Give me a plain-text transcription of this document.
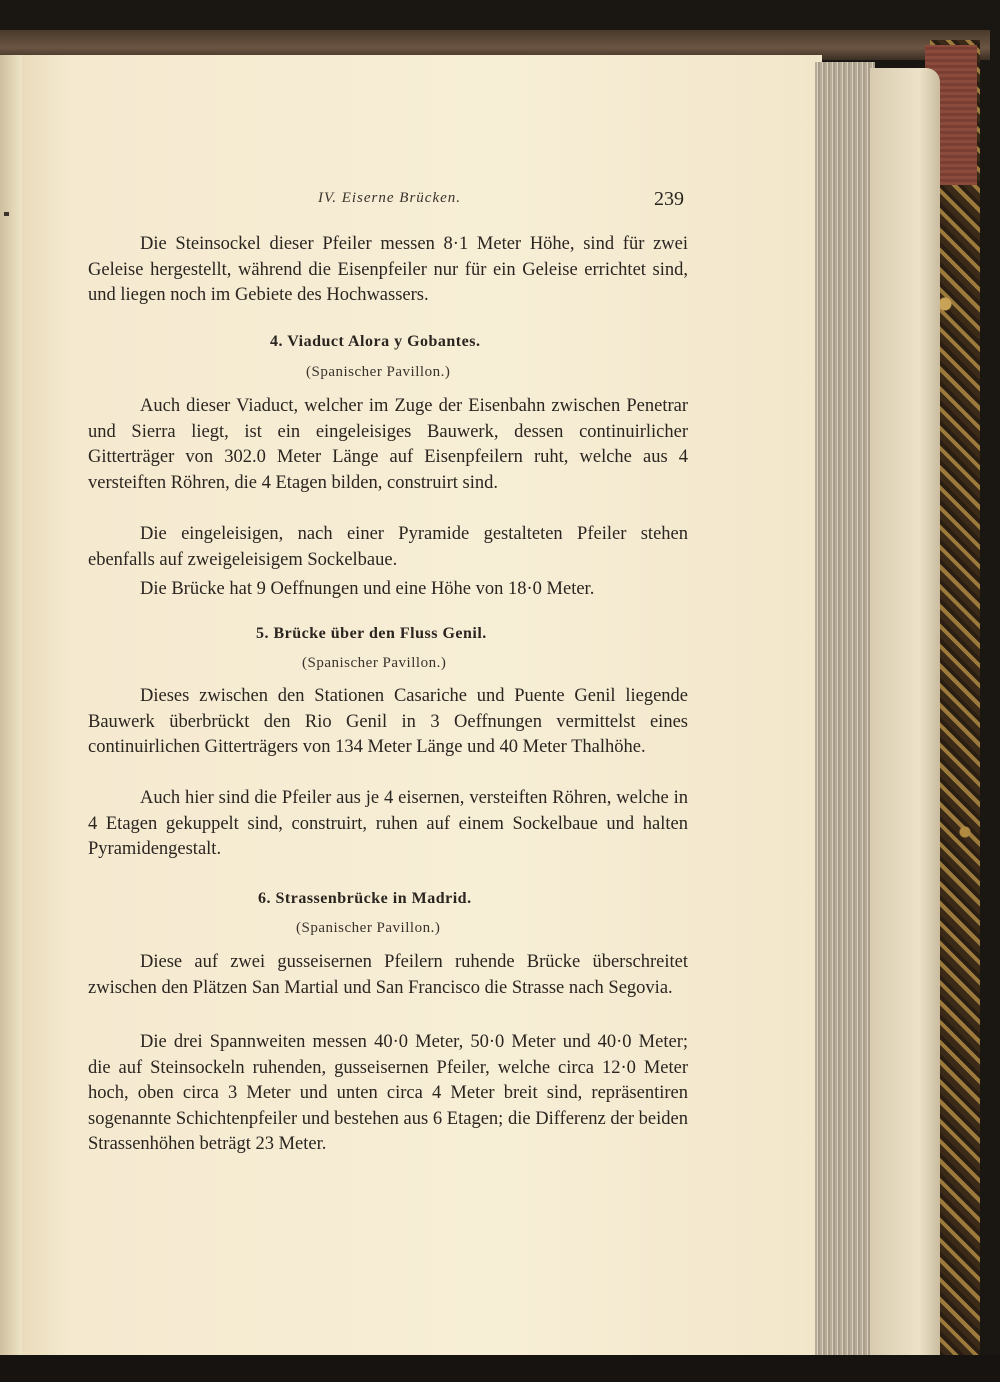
IV. Eiserne Brücken.	239
Die Steinsockel dieser Pfeiler messen 8·1 Meter Höhe, sind für zwei Geleise hergestellt, während die Eisenpfeiler nur für ein Geleise errichtet sind, und liegen noch im Gebiete des Hochwassers.
4. Viaduct Alora y Gobantes.
(Spanischer Pavillon.)
Auch dieser Viaduct, welcher im Zuge der Eisenbahn zwischen Penetrar und Sierra liegt, ist ein eingeleisiges Bauwerk, dessen continuirlicher Gitterträger von 302.0 Meter Länge auf Eisenpfeilern ruht, welche aus 4 versteiften Röhren, die 4 Etagen bilden, construirt sind.
Die eingeleisigen, nach einer Pyramide gestalteten Pfeiler stehen ebenfalls auf zweigeleisigem Sockelbaue.
Die Brücke hat 9 Oeffnungen und eine Höhe von 18·0 Meter.
5. Brücke über den Fluss Genil.
(Spanischer Pavillon.)
Dieses zwischen den Stationen Casariche und Puente Genil liegende Bauwerk überbrückt den Rio Genil in 3 Oeffnungen vermittelst eines continuirlichen Gitterträgers von 134 Meter Länge und 40 Meter Thalhöhe.
Auch hier sind die Pfeiler aus je 4 eisernen, versteiften Röhren, welche in 4 Etagen gekuppelt sind, construirt, ruhen auf einem Sockelbaue und halten Pyramidengestalt.
6. Strassenbrücke in Madrid.
(Spanischer Pavillon.)
Diese auf zwei gusseisernen Pfeilern ruhende Brücke überschreitet zwischen den Plätzen San Martial und San Francisco die Strasse nach Segovia.
Die drei Spannweiten messen 40·0 Meter, 50·0 Meter und 40·0 Meter; die auf Steinsockeln ruhenden, gusseisernen Pfeiler, welche circa 12·0 Meter hoch, oben circa 3 Meter und unten circa 4 Meter breit sind, repräsentiren sogenannte Schichtenpfeiler und bestehen aus 6 Etagen; die Differenz der beiden Strassenhöhen beträgt 23 Meter.
